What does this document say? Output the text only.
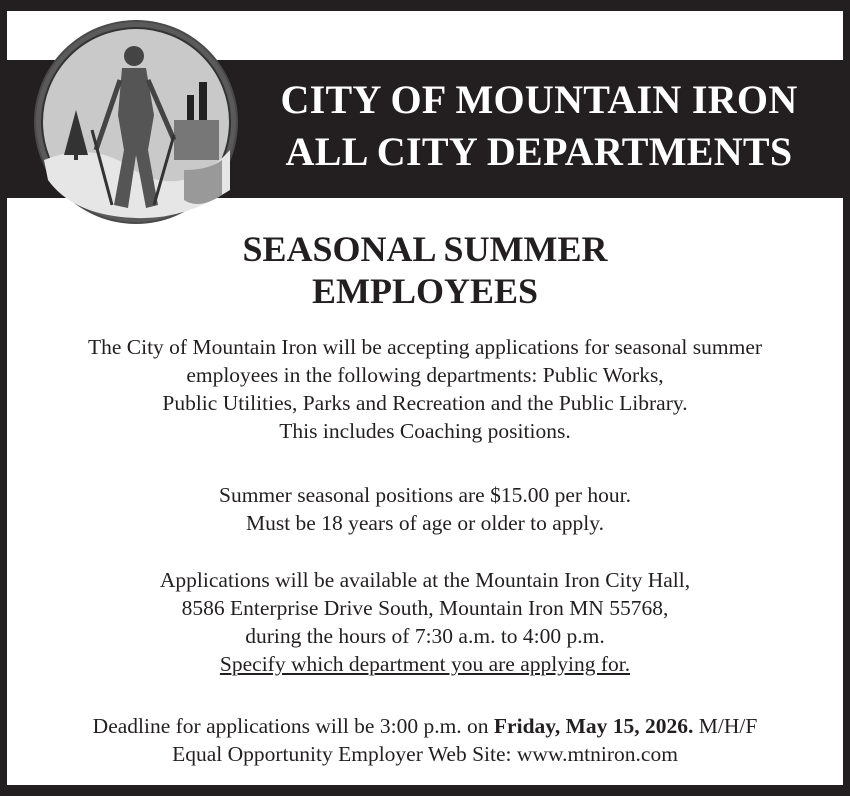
CITY OF MOUNTAIN IRON
ALL CITY DEPARTMENTS
SEASONAL SUMMER
EMPLOYEES
The City of Mountain Iron will be accepting applications for seasonal summer
employees in the following departments: Public Works,
Public Utilities, Parks and Recreation and the Public Library.
This includes Coaching positions.
Summer seasonal positions are $15.00 per hour.
Must be 18 years of age or older to apply.
Applications will be available at the Mountain Iron City Hall,
8586 Enterprise Drive South, Mountain Iron MN 55768,
during the hours of 7:30 a.m. to 4:00 p.m.
Specify which department you are applying for.
Deadline for applications will be 3:00 p.m. on Friday, May 15, 2026. M/H/F
Equal Opportunity Employer Web Site: www.mtniron.com
